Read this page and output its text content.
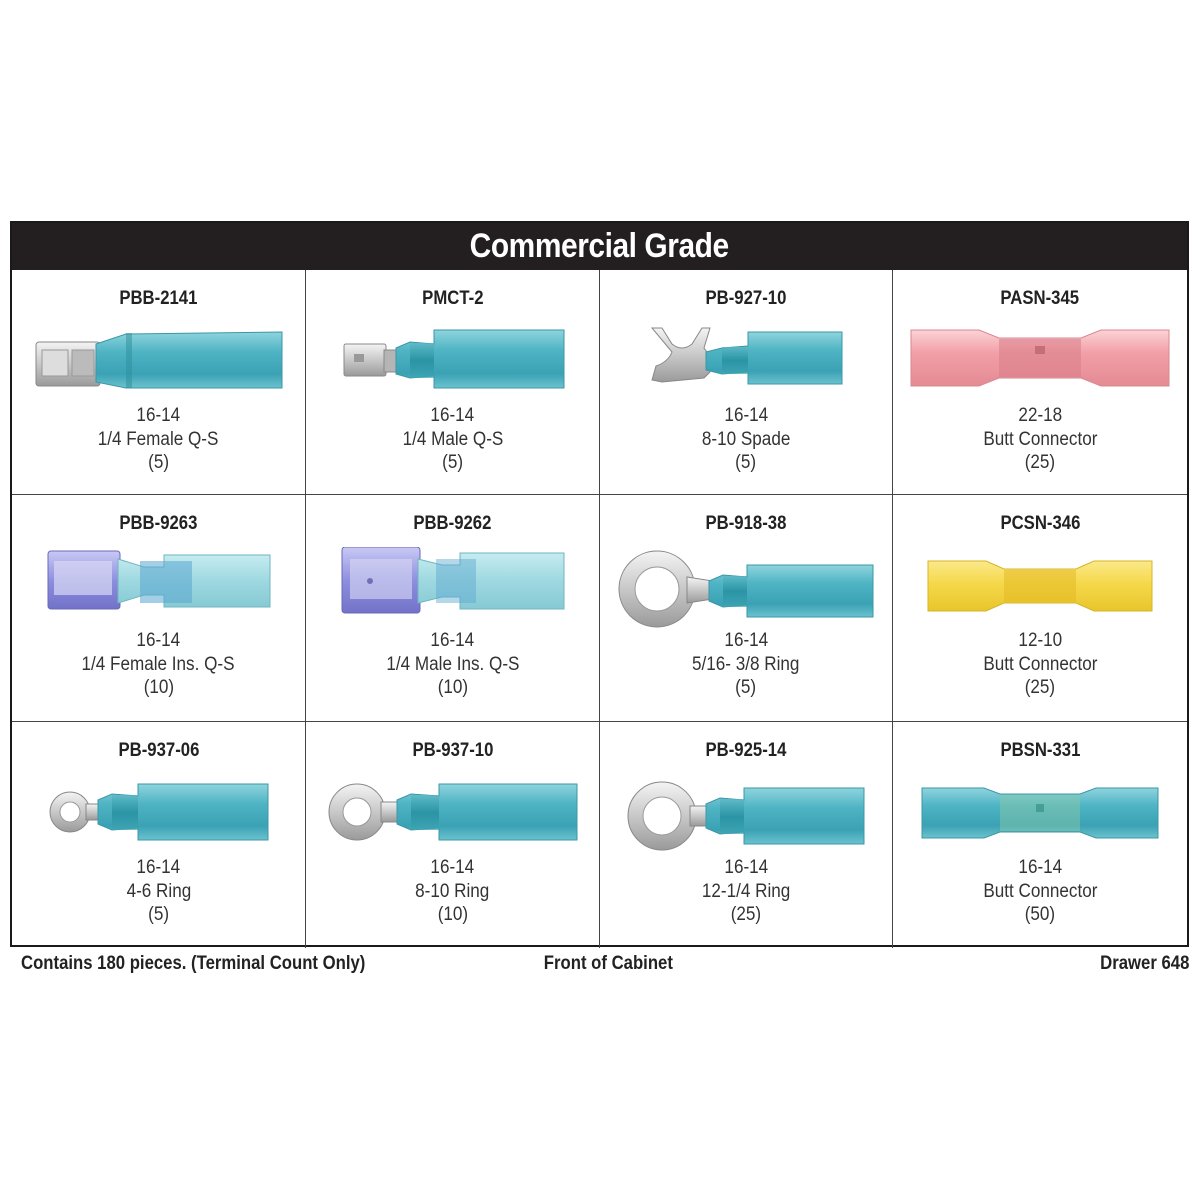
Commercial Grade
PBB-2141
16-14
1/4 Female Q-S
(5)
PMCT-2
16-14
1/4 Male Q-S
(5)
PB-927-10
16-14
8-10 Spade
(5)
PASN-345
22-18
Butt Connector
(25)
PBB-9263
16-14
1/4 Female Ins. Q-S
(10)
PBB-9262
16-14
1/4 Male Ins. Q-S
(10)
PB-918-38
16-14
5/16- 3/8 Ring
(5)
PCSN-346
12-10
Butt Connector
(25)
PB-937-06
16-14
4-6 Ring
(5)
PB-937-10
16-14
8-10 Ring
(10)
PB-925-14
16-14
12-1/4 Ring
(25)
PBSN-331
16-14
Butt Connector
(50)
Contains 180 pieces. (Terminal Count Only)	Front of Cabinet	Drawer 648
